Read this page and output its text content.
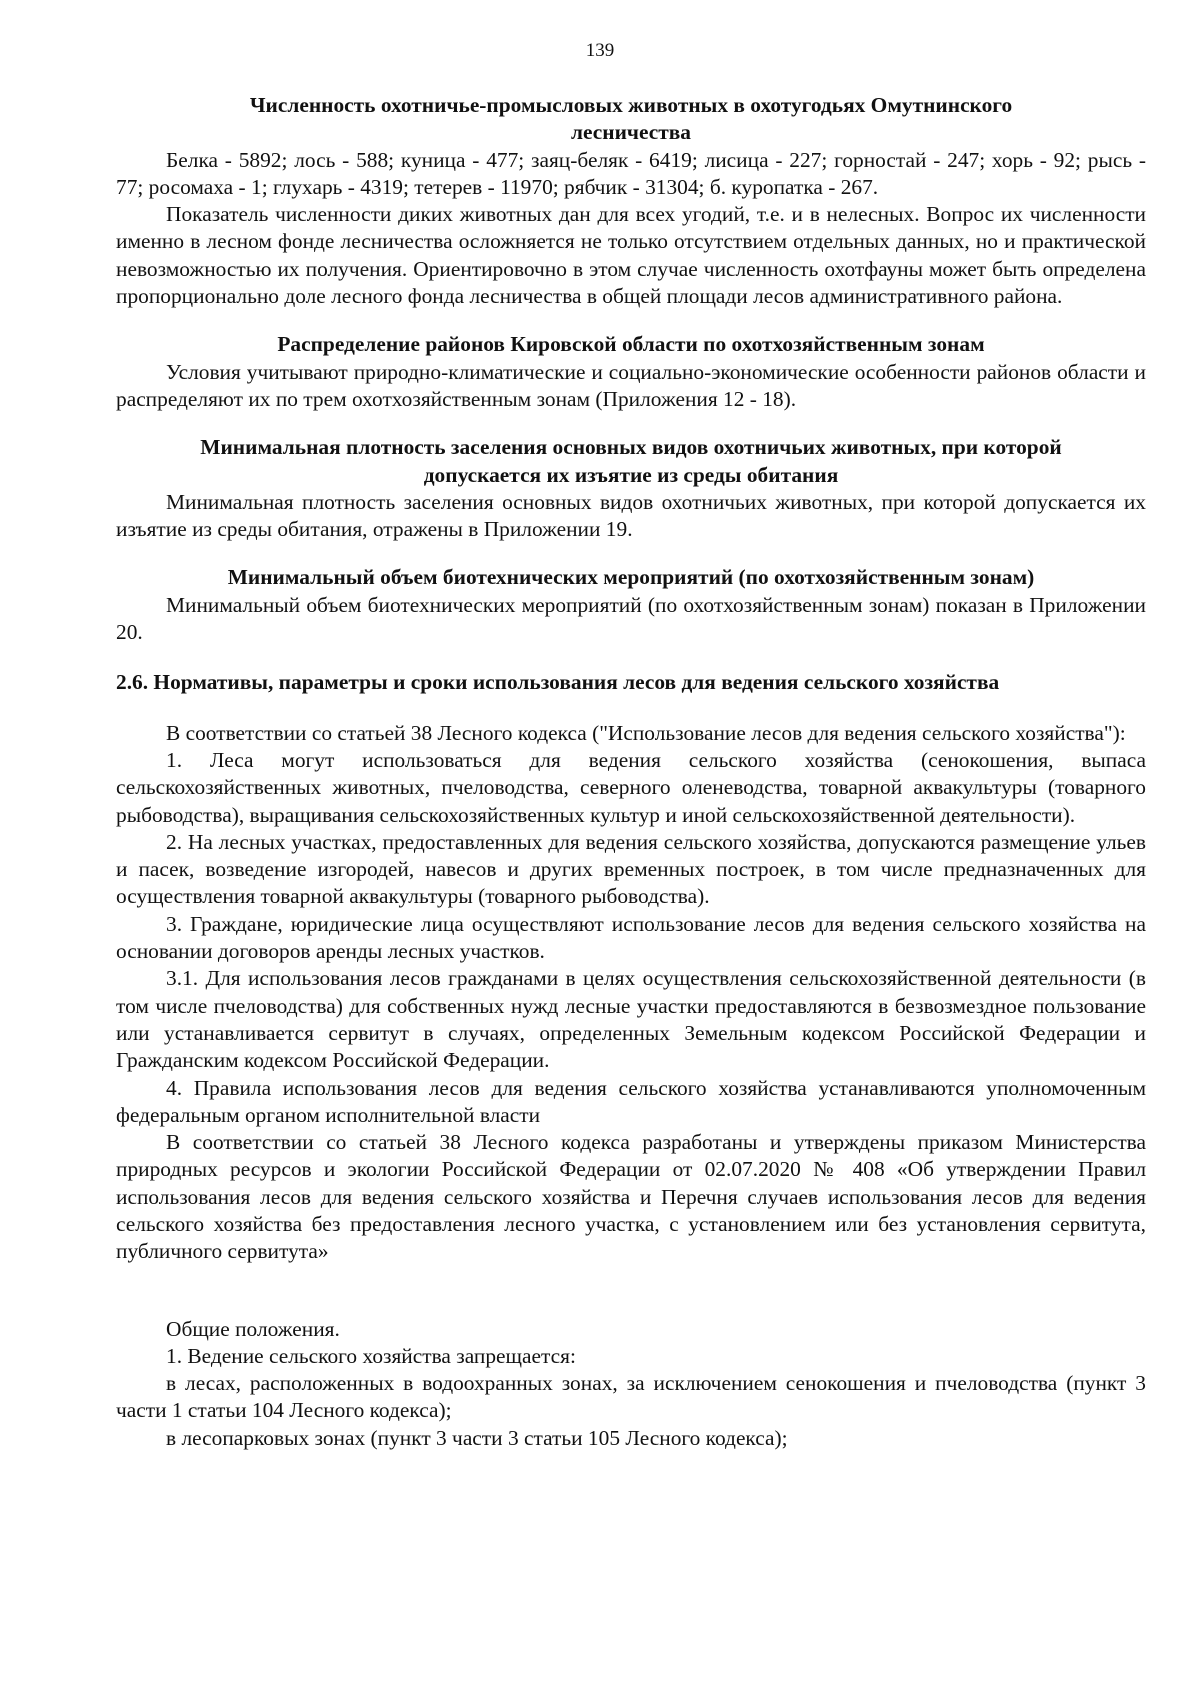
139

Численность охотничье-промысловых животных в охотугодьях Омутнинского

лесничества

Белка - 5892; лось - 588; куница - 477; заяц-беляк - 6419; лисица - 227; горностай - 247; хорь - 92; рысь - 77; росомаха - 1; глухарь - 4319; тетерев - 11970; рябчик - 31304; б. куропатка - 267.

Показатель численности диких животных дан для всех угодий, т.е. и в нелесных. Вопрос их численности именно в лесном фонде лесничества осложняется не только отсутствием отдельных данных, но и практической невозможностью их получения. Ориентировочно в этом случае численность охотфауны может быть определена пропорционально доле лесного фонда лесничества в общей площади лесов административного района.

Распределение районов Кировской области по охотхозяйственным зонам

Условия учитывают природно-климатические и социально-экономические особенности районов области и распределяют их по трем охотхозяйственным зонам (Приложения 12 - 18).

Минимальная плотность заселения основных видов охотничьих животных, при которой

допускается их изъятие из среды обитания

Минимальная плотность заселения основных видов охотничьих животных, при которой допускается их изъятие из среды обитания, отражены в Приложении 19.

Минимальный объем биотехнических мероприятий (по охотхозяйственным зонам)

Минимальный объем биотехнических мероприятий (по охотхозяйственным зонам) показан в Приложении 20.

2.6. Нормативы, параметры и сроки использования лесов для ведения сельского хозяйства

В соответствии со статьей 38 Лесного кодекса ("Использование лесов для ведения сельского хозяйства"):

1. Леса могут использоваться для ведения сельского хозяйства (сенокошения, выпаса сельскохозяйственных животных, пчеловодства, северного оленеводства, товарной аквакультуры (товарного рыбоводства), выращивания сельскохозяйственных культур и иной сельскохозяйственной деятельности).

2. На лесных участках, предоставленных для ведения сельского хозяйства, допускаются размещение ульев и пасек, возведение изгородей, навесов и других временных построек, в том числе предназначенных для осуществления товарной аквакультуры (товарного рыбоводства).

3. Граждане, юридические лица осуществляют использование лесов для ведения сельского хозяйства на основании договоров аренды лесных участков.

3.1. Для использования лесов гражданами в целях осуществления сельскохозяйственной деятельности (в том числе пчеловодства) для собственных нужд лесные участки предоставляются в безвозмездное пользование или устанавливается сервитут в случаях, определенных Земельным кодексом Российской Федерации и Гражданским кодексом Российской Федерации.

4. Правила использования лесов для ведения сельского хозяйства устанавливаются уполномоченным федеральным органом исполнительной власти

В соответствии со статьей 38 Лесного кодекса разработаны и утверждены приказом Министерства природных ресурсов и экологии Российской Федерации от 02.07.2020 № 408 «Об утверждении Правил использования лесов для ведения сельского хозяйства и Перечня случаев использования лесов для ведения сельского хозяйства без предоставления лесного участка, с установлением или без установления сервитута, публичного сервитута»

Общие положения.

1. Ведение сельского хозяйства запрещается:

в лесах, расположенных в водоохранных зонах, за исключением сенокошения и пчеловодства (пункт 3 части 1 статьи 104 Лесного кодекса);

в лесопарковых зонах (пункт 3 части 3 статьи 105 Лесного кодекса);
